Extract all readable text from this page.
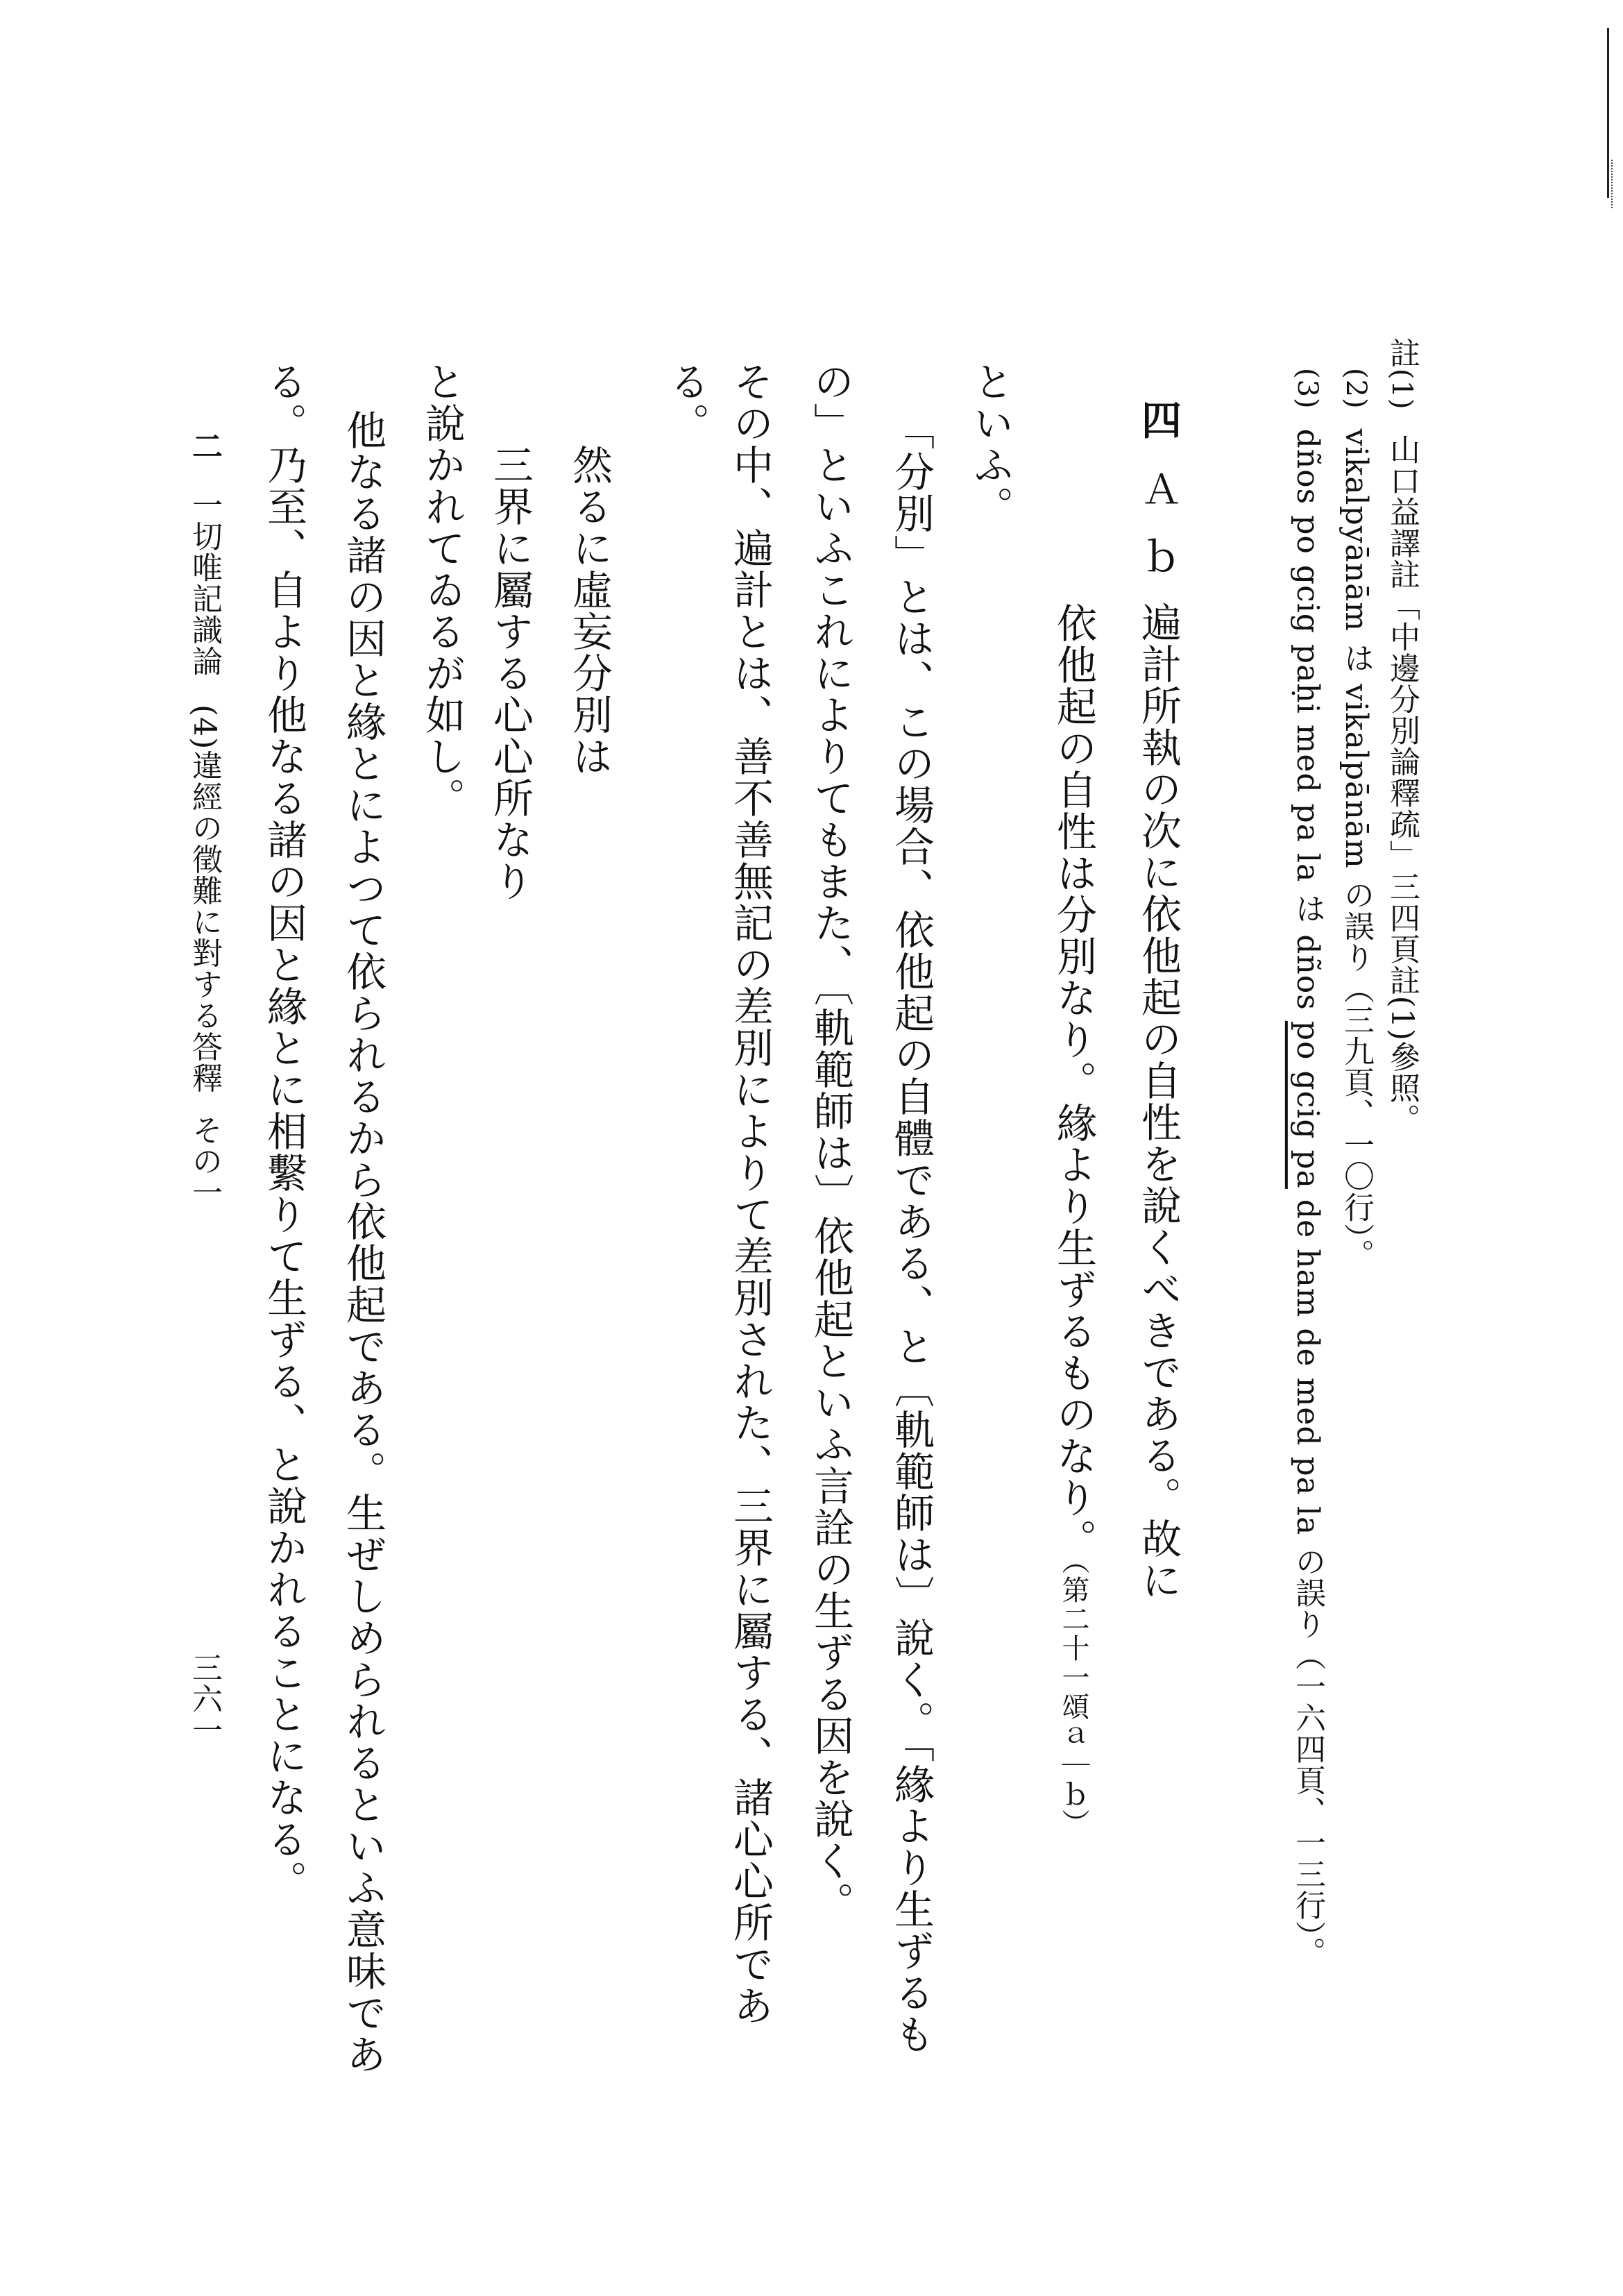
註(1)山口益譯註「中邊分別論釋疏」三四頁註(1)參照。
(2)vikalpyānām は vikalpānām の誤り（三九頁、一〇行）。
(3)dños po gcig paḥi med pa la は dños po gcig pa de ham de med pa la の誤り（一六四頁、一三行）。
四Ａｂ遍計所執の次に依他起の自性を說くべきである。故に
依他起の自性は分別なり。緣より生ずるものなり。（第二十一頌ａ｜ｂ）
といふ。
「分別」とは、この場合、依他起の自體である、と〔軌範師は〕說く。「緣より生ずるも
の」といふこれによりてもまた、〔軌範師は〕依他起といふ言詮の生ずる因を說く。
その中、遍計とは、善不善無記の差別によりて差別された、三界に屬する、諸心心所であ
る。
然るに虛妄分別は
三界に屬する心心所なり
と說かれてゐるが如し。
他なる諸の因と緣とによつて依られるから依他起である。生ぜしめられるといふ意味であ
る。乃至、自より他なる諸の因と緣とに相繫りて生ずる、と說かれることになる。
二一切唯記識論(4)違經の徵難に對する答釋その一
三六一
